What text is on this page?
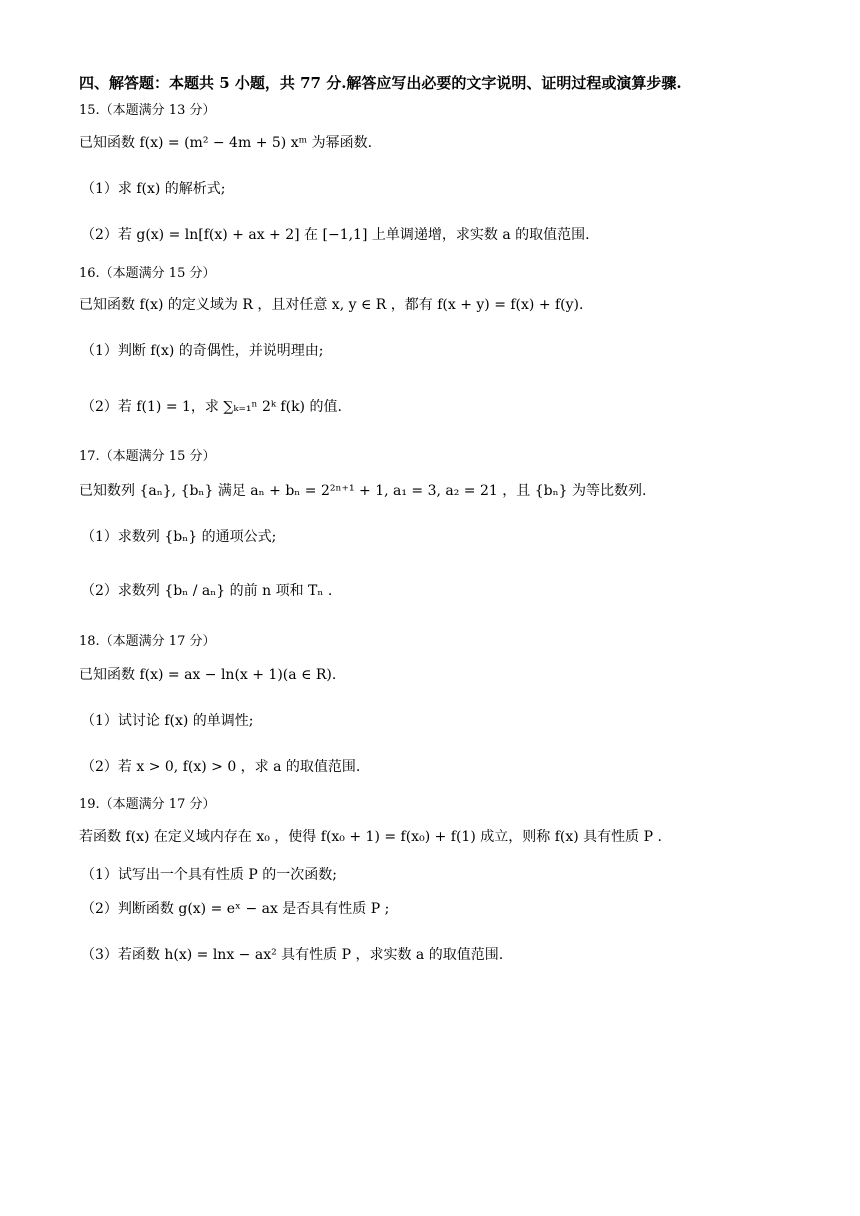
四、解答题：本题共 5 小题，共 77 分.解答应写出必要的文字说明、证明过程或演算步骤.
15.（本题满分 13 分）
已知函数 f(x) = (m² − 4m + 5) xᵐ 为幂函数.
（1）求 f(x) 的解析式;
（2）若 g(x) = ln[f(x) + ax + 2] 在 [−1,1] 上单调递增，求实数 a 的取值范围.
16.（本题满分 15 分）
已知函数 f(x) 的定义域为 R ，且对任意 x, y ∈ R ，都有 f(x + y) = f(x) + f(y).
（1）判断 f(x) 的奇偶性，并说明理由;
（2）若 f(1) = 1，求 ∑ₖ₌₁ⁿ 2ᵏ f(k) 的值.
17.（本题满分 15 分）
已知数列 {aₙ}, {bₙ} 满足 aₙ + bₙ = 2²ⁿ⁺¹ + 1, a₁ = 3, a₂ = 21 ，且 {bₙ} 为等比数列.
（1）求数列 {bₙ} 的通项公式;
（2）求数列 {bₙ / aₙ} 的前 n 项和 Tₙ .
18.（本题满分 17 分）
已知函数 f(x) = ax − ln(x + 1)(a ∈ R).
（1）试讨论 f(x) 的单调性;
（2）若 x > 0, f(x) > 0 ，求 a 的取值范围.
19.（本题满分 17 分）
若函数 f(x) 在定义域内存在 x₀ ，使得 f(x₀ + 1) = f(x₀) + f(1) 成立，则称 f(x) 具有性质 P .
（1）试写出一个具有性质 P 的一次函数;
（2）判断函数 g(x) = eˣ − ax 是否具有性质 P ;
（3）若函数 h(x) = lnx − ax² 具有性质 P ，求实数 a 的取值范围.
